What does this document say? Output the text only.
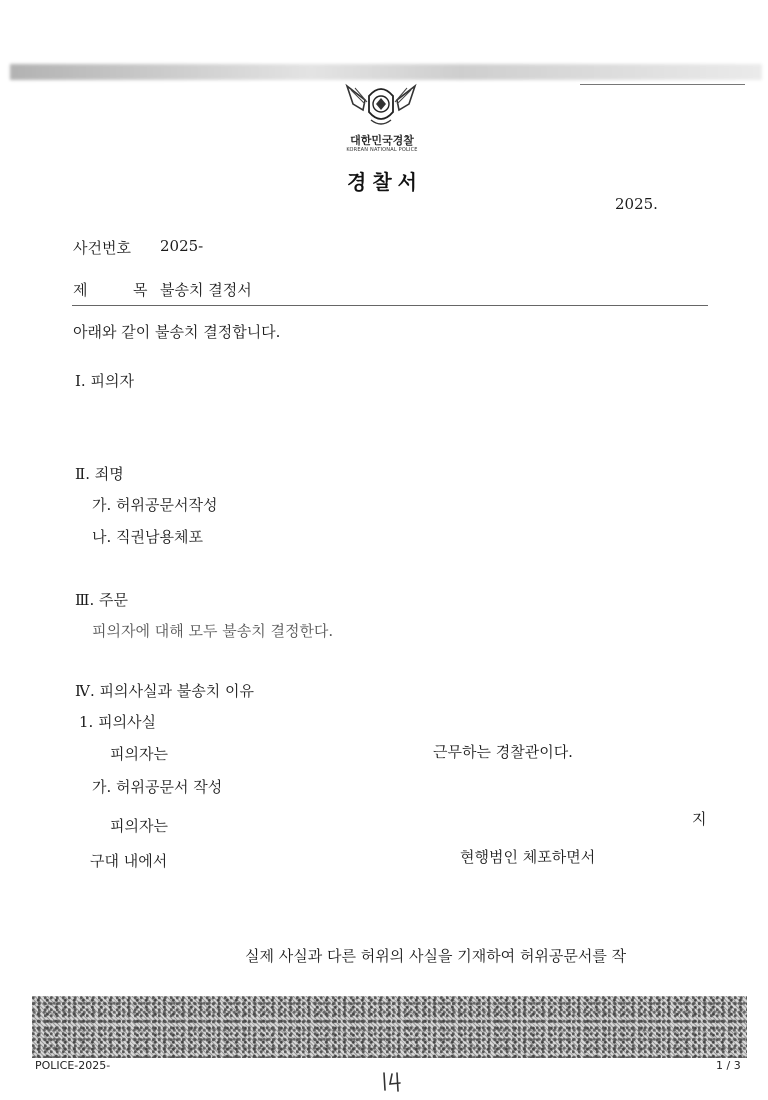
대한민국경찰
KOREAN NATIONAL POLICE
경찰서
2025.
사건번호 2025-
제  목 불송치 결정서
아래와 같이 불송치 결정합니다.
Ⅰ. 피의자
Ⅱ. 죄명
가. 허위공문서작성
나. 직권남용체포
Ⅲ. 주문
피의자에 대해 모두 불송치 결정한다.
Ⅳ. 피의사실과 불송치 이유
1. 피의사실
피의자는	근무하는 경찰관이다.
가. 허위공문서 작성
피의자는	지
구대 내에서	현행범인 체포하면서
실제 사실과 다른 허위의 사실을 기재하여 허위공문서를 작
POLICE-2025-	1 / 3
